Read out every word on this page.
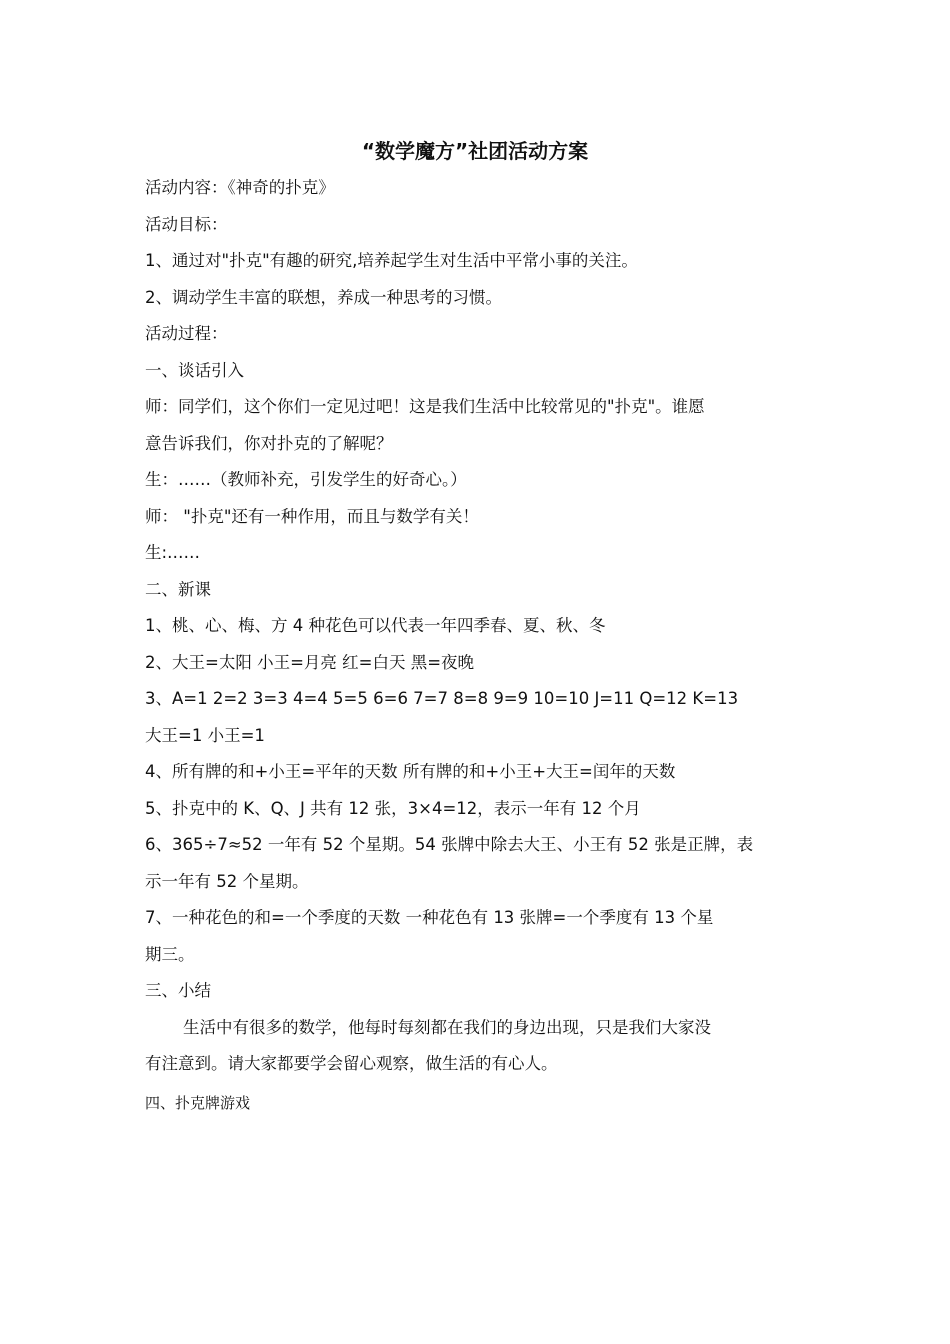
“数学魔方”社团活动方案
活动内容：《神奇的扑克》
活动目标：
1、通过对"扑克"有趣的研究,培养起学生对生活中平常小事的关注。
2、调动学生丰富的联想，养成一种思考的习惯。
活动过程：
一、谈话引入
师：同学们，这个你们一定见过吧！这是我们生活中比较常见的"扑克"。谁愿
意告诉我们，你对扑克的了解呢？
生：……（教师补充，引发学生的好奇心。）
师： "扑克"还有一种作用，而且与数学有关！
生:……
二、新课
1、桃、心、梅、方 4 种花色可以代表一年四季春、夏、秋、冬
2、大王=太阳 小王=月亮 红=白天 黑=夜晚
3、A=1 2=2 3=3 4=4 5=5 6=6 7=7 8=8 9=9 10=10 J=11 Q=12 K=13
大王=1 小王=1
4、所有牌的和+小王=平年的天数 所有牌的和+小王+大王=闰年的天数
5、扑克中的 K、Q、J 共有 12 张，3×4=12，表示一年有 12 个月
6、365÷7≈52 一年有 52 个星期。54 张牌中除去大王、小王有 52 张是正牌，表
示一年有 52 个星期。
7、一种花色的和=一个季度的天数 一种花色有 13 张牌=一个季度有 13 个星
期三。
三、小结
生活中有很多的数学，他每时每刻都在我们的身边出现，只是我们大家没
有注意到。请大家都要学会留心观察，做生活的有心人。
四、扑克牌游戏
